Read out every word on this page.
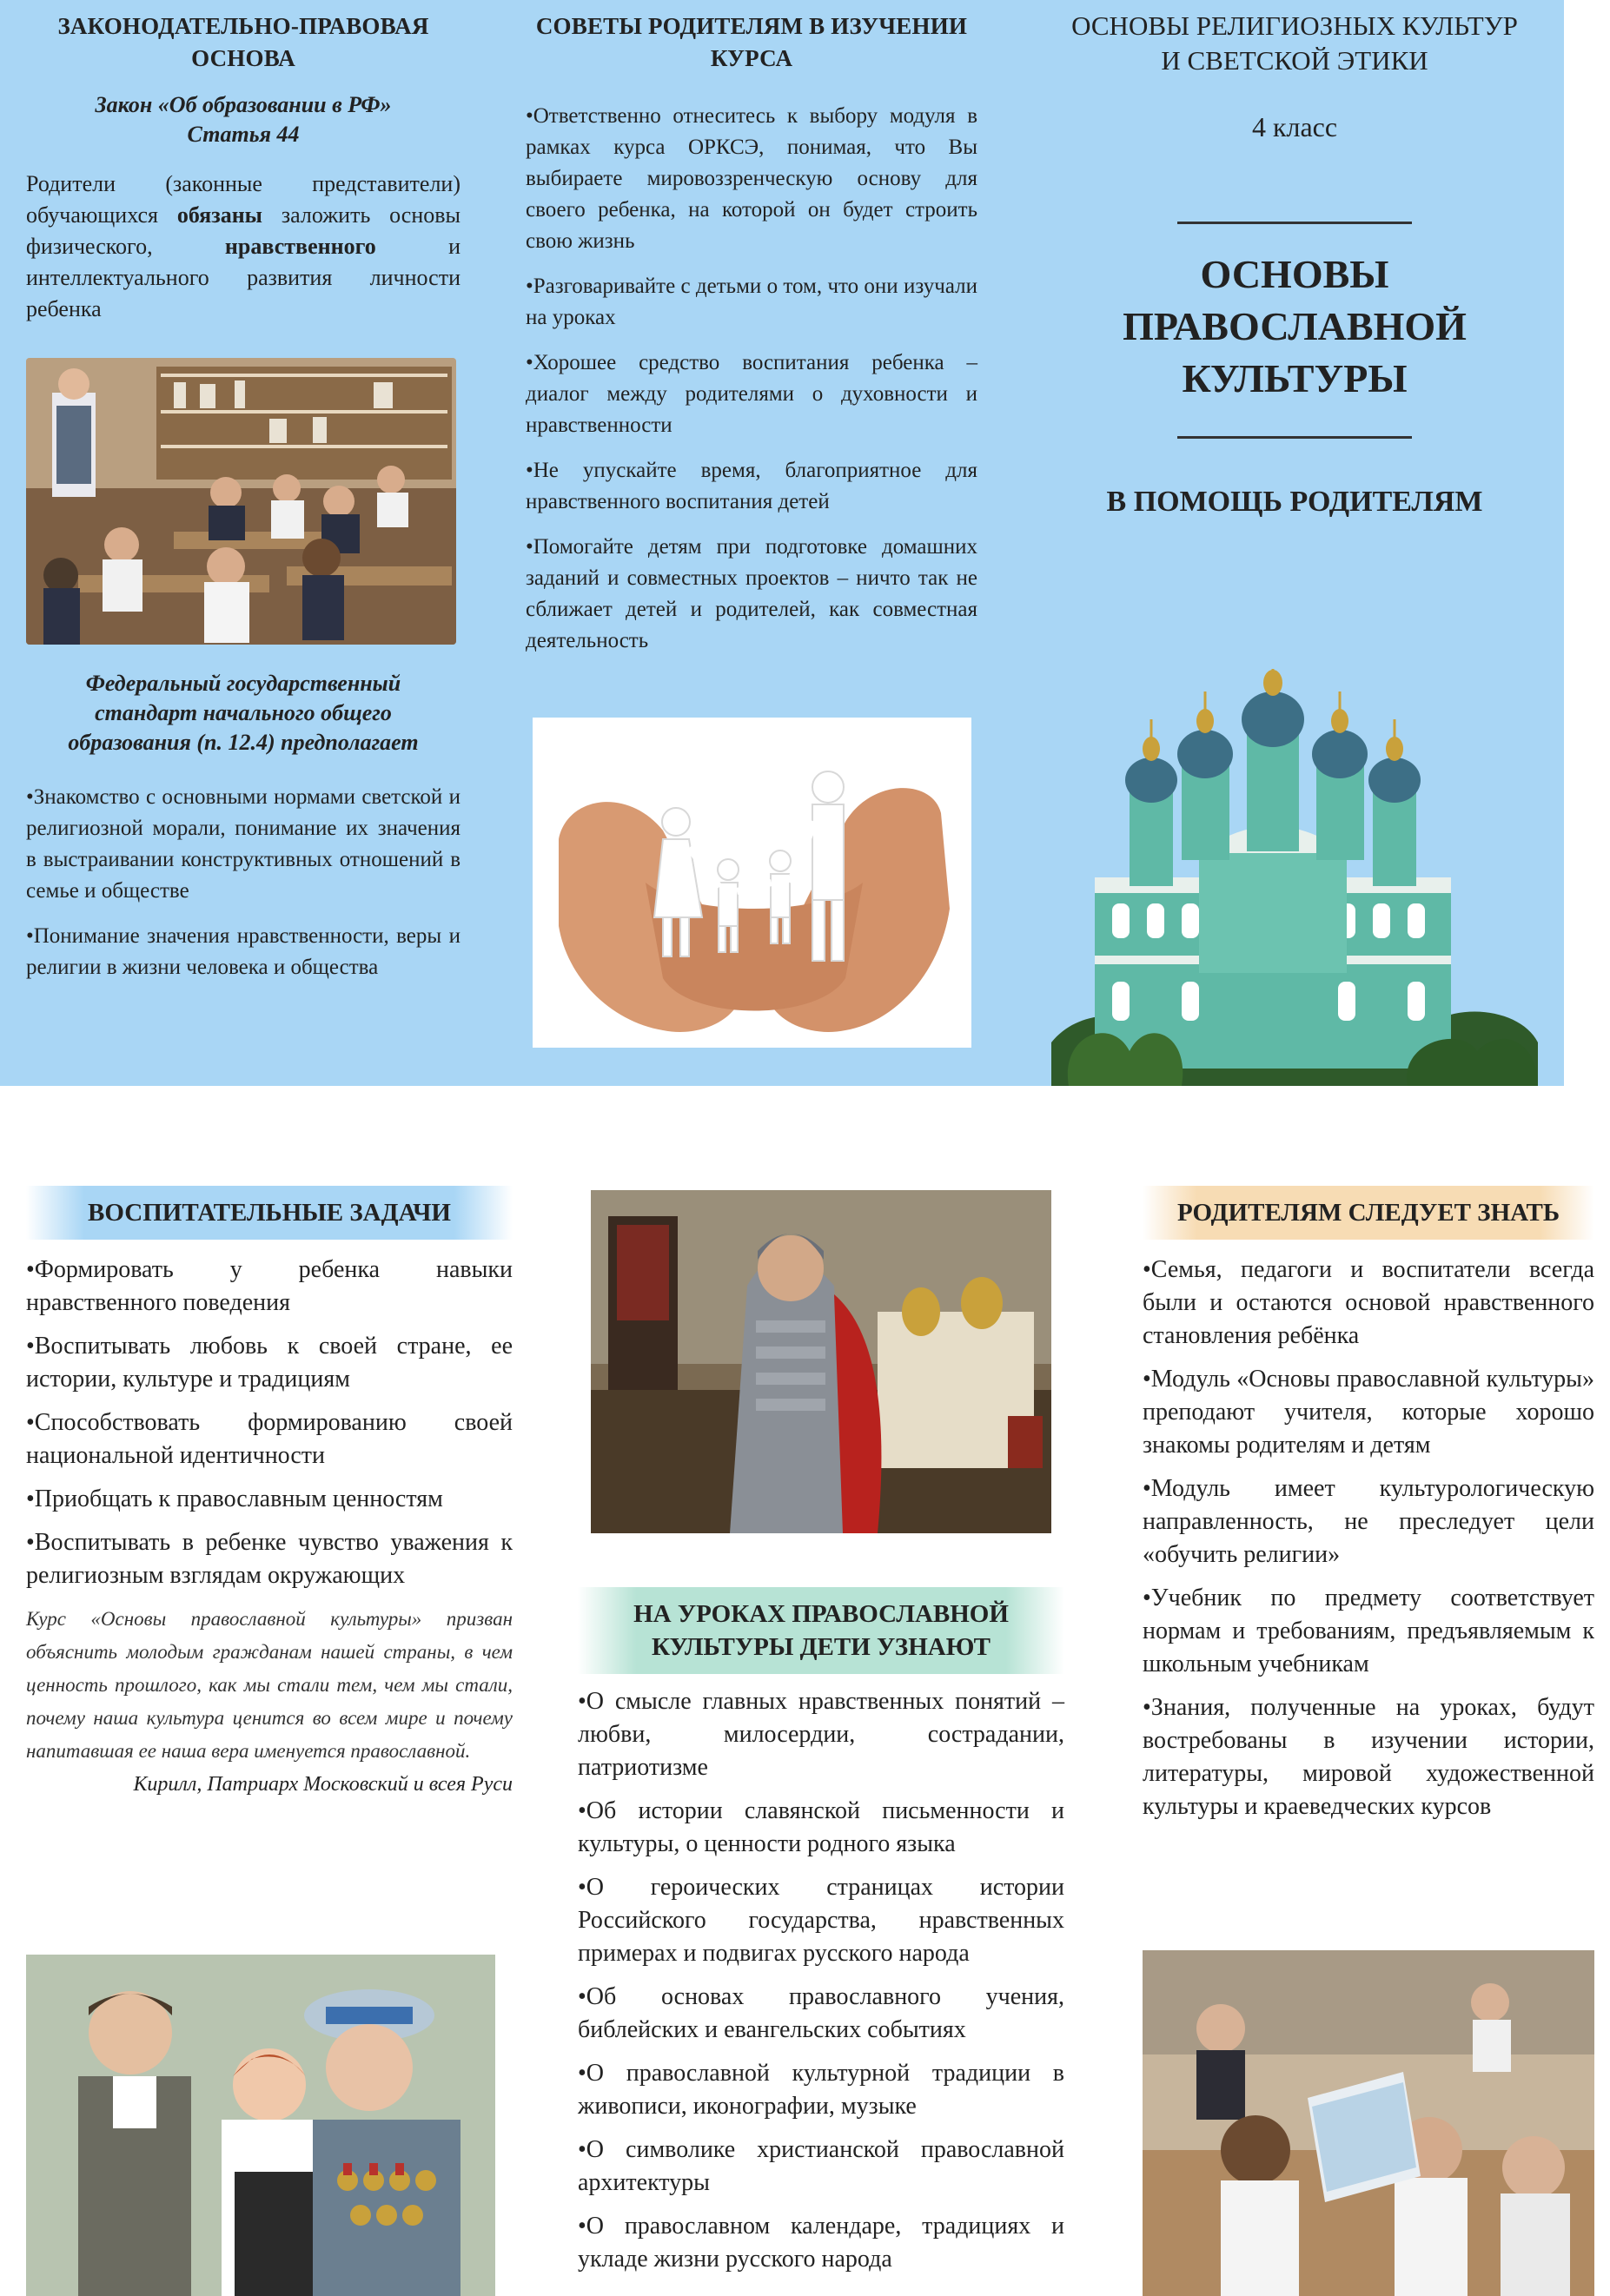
ЗАКОНОДАТЕЛЬНО-ПРАВОВАЯ ОСНОВА
Закон «Об образовании в РФ» Статья 44
Родители (законные представители) обучающихся обязаны заложить основы физического, нравственного и интеллектуального развития личности ребенка
Федеральный государственный стандарт начального общего образования (п. 12.4) предполагает
•Знакомство с основными нормами светской и религиозной морали, понимание их значения в выстраивании конструктивных отношений в семье и обществе
•Понимание значения нравственности, веры и религии в жизни человека и общества
СОВЕТЫ РОДИТЕЛЯМ В ИЗУЧЕНИИ КУРСА
•Ответственно отнеситесь к выбору модуля в рамках курса ОРКСЭ, понимая, что Вы выбираете мировоззренческую основу для своего ребенка, на которой он будет строить свою жизнь
•Разговаривайте с детьми о том, что они изучали на уроках
•Хорошее средство воспитания ребенка – диалог между родителями о духовности и нравственности
•Не упускайте время, благоприятное для нравственного воспитания детей
•Помогайте детям при подготовке домашних заданий и совместных проектов – ничто так не сближает детей и родителей, как совместная деятельность
ОСНОВЫ РЕЛИГИОЗНЫХ КУЛЬТУР И СВЕТСКОЙ ЭТИКИ
4 класс
ОСНОВЫ ПРАВОСЛАВНОЙ КУЛЬТУРЫ
В ПОМОЩЬ РОДИТЕЛЯМ
ВОСПИТАТЕЛЬНЫЕ ЗАДАЧИ
•Формировать у ребенка навыки нравственного поведения
•Воспитывать любовь к своей стране, ее истории, культуре и традициям
•Способствовать формированию своей национальной идентичности
•Приобщать к православным ценностям
•Воспитывать в ребенке чувство уважения к религиозным взглядам окружающих
Курс «Основы православной культуры» призван объяснить молодым гражданам нашей страны, в чем ценность прошлого, как мы стали тем, чем мы стали, почему наша культура ценится во всем мире и почему напитавшая ее наша вера именуется православной.
Кирилл, Патриарх Московский и всея Руси
НА УРОКАХ ПРАВОСЛАВНОЙ КУЛЬТУРЫ ДЕТИ УЗНАЮТ
•О смысле главных нравственных понятий – любви, милосердии, сострадании, патриотизме
•Об истории славянской письменности и культуры, о ценности родного языка
•О героических страницах истории Российского государства, нравственных примерах и подвигах русского народа
•Об основах православного учения, библейских и евангельских событиях
•О православной культурной традиции в живописи, иконографии, музыке
•О символике христианской православной архитектуры
•О православном календаре, традициях и укладе жизни русского народа
РОДИТЕЛЯМ СЛЕДУЕТ ЗНАТЬ
•Семья, педагоги и воспитатели всегда были и остаются основой нравственного становления ребёнка
•Модуль «Основы православной культуры» преподают учителя, которые хорошо знакомы родителям и детям
•Модуль имеет культурологическую направленность, не преследует цели «обучить религии»
•Учебник по предмету соответствует нормам и требованиям, предъявляемым к школьным учебникам
•Знания, полученные на уроках, будут востребованы в изучении истории, литературы, мировой художественной культуры и краеведческих курсов
